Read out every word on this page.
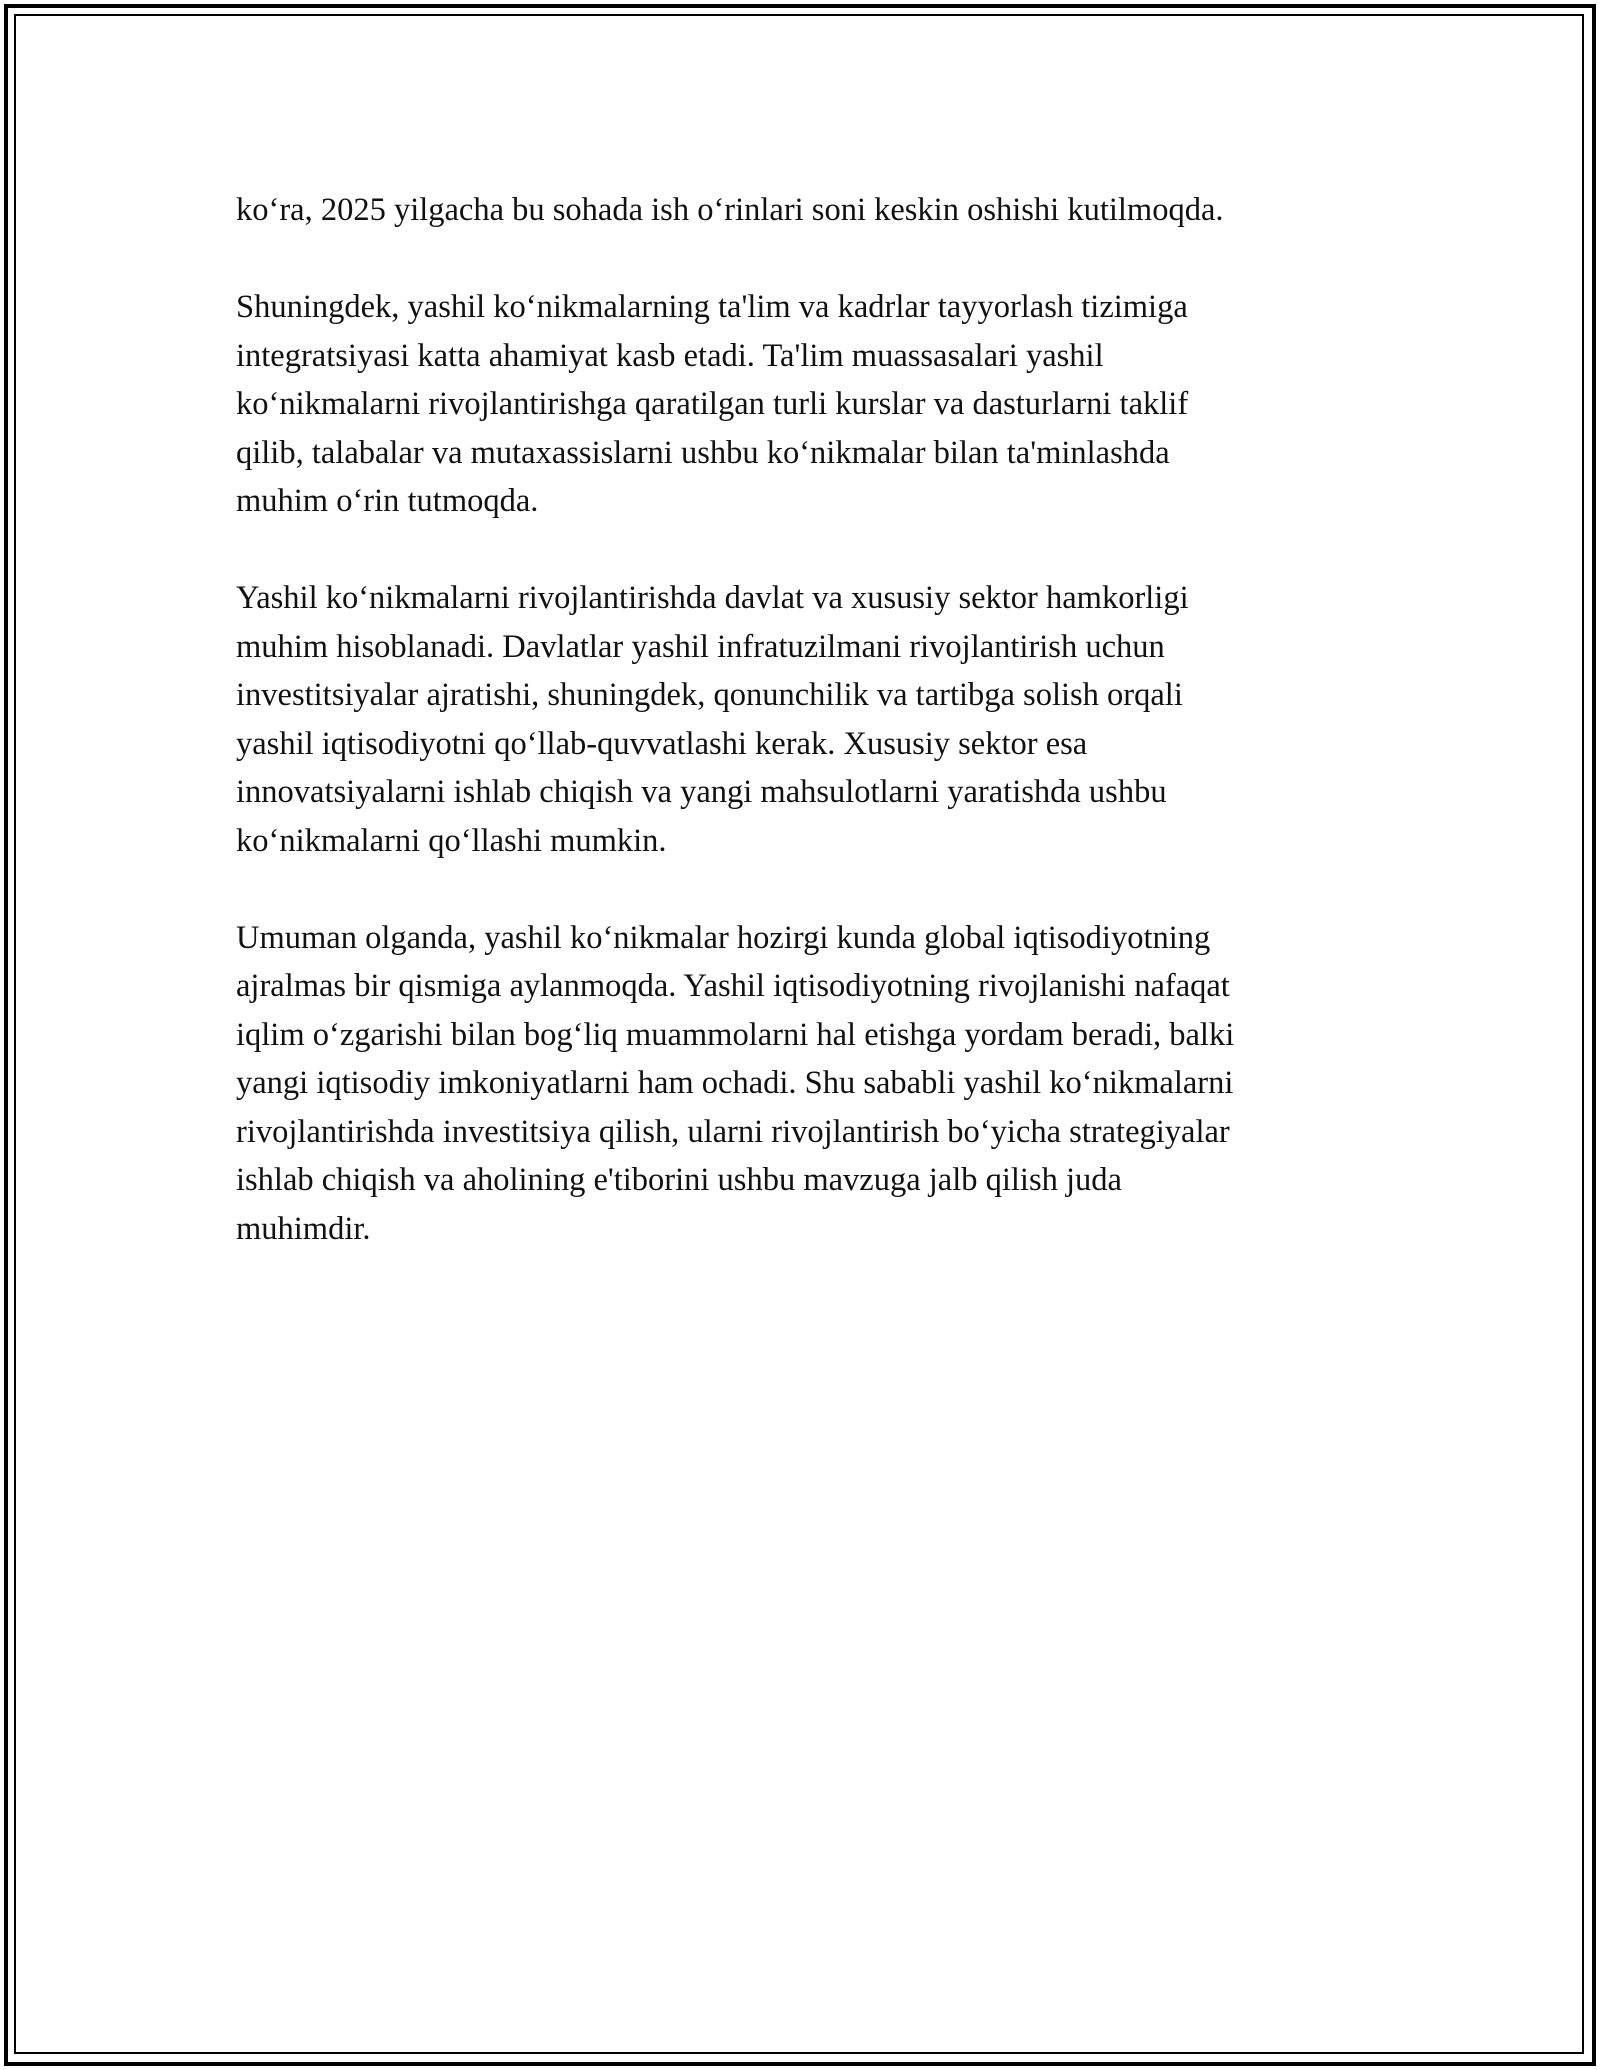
ko‘ra, 2025 yilgacha bu sohada ish o‘rinlari soni keskin oshishi kutilmoqda.

Shuningdek, yashil ko‘nikmalarning ta'lim va kadrlar tayyorlash tizimiga
integratsiyasi katta ahamiyat kasb etadi. Ta'lim muassasalari yashil
ko‘nikmalarni rivojlantirishga qaratilgan turli kurslar va dasturlarni taklif
qilib, talabalar va mutaxassislarni ushbu ko‘nikmalar bilan ta'minlashda
muhim o‘rin tutmoqda.

Yashil ko‘nikmalarni rivojlantirishda davlat va xususiy sektor hamkorligi
muhim hisoblanadi. Davlatlar yashil infratuzilmani rivojlantirish uchun
investitsiyalar ajratishi, shuningdek, qonunchilik va tartibga solish orqali
yashil iqtisodiyotni qo‘llab-quvvatlashi kerak. Xususiy sektor esa
innovatsiyalarni ishlab chiqish va yangi mahsulotlarni yaratishda ushbu
ko‘nikmalarni qo‘llashi mumkin.

Umuman olganda, yashil ko‘nikmalar hozirgi kunda global iqtisodiyotning
ajralmas bir qismiga aylanmoqda. Yashil iqtisodiyotning rivojlanishi nafaqat
iqlim o‘zgarishi bilan bog‘liq muammolarni hal etishga yordam beradi, balki
yangi iqtisodiy imkoniyatlarni ham ochadi. Shu sababli yashil ko‘nikmalarni
rivojlantirishda investitsiya qilish, ularni rivojlantirish bo‘yicha strategiyalar
ishlab chiqish va aholining e'tiborini ushbu mavzuga jalb qilish juda
muhimdir.
